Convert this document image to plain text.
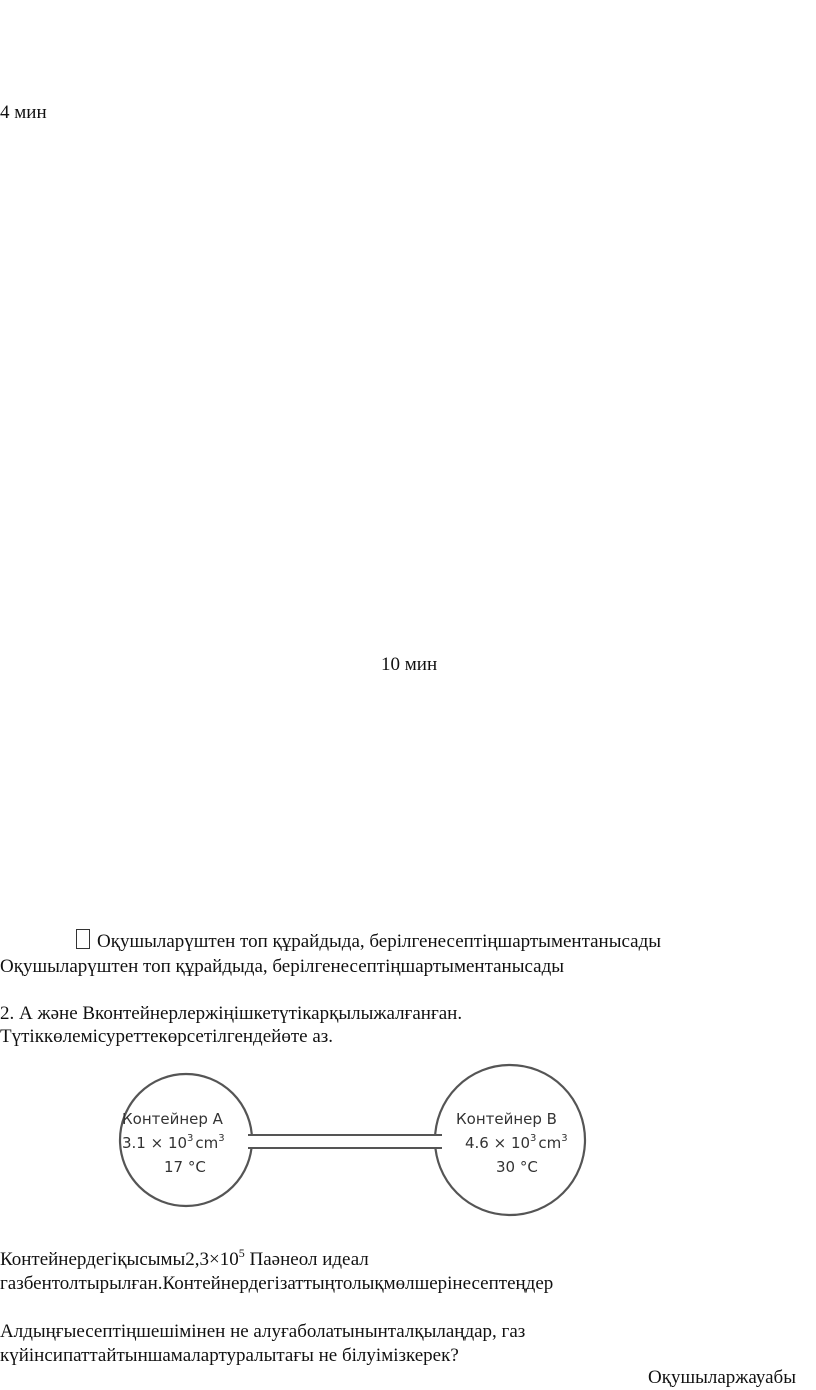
4 мин
10 мин
Оқушыларүштен топ құрайдыда, берілгенесептіңшартыментанысады
Оқушыларүштен топ құрайдыда, берілгенесептіңшартыментанысады
2. А және Вконтейнерлержіңішкетүтікарқылыжалғанған.
Түтіккөлемісуреттекөрсетілгендейөте аз.
Контейнер А
$3.1 \times 10^3$ $cm^3$
17 °C
Контейнер В
$4.6 \times 10^3$ $cm^3$
30 °C
$Контейнердегіқысымы2,3\times 10^5$ Паәнеол идеал
газбентолтырылған.Контейнердегізаттыңтолықмөлшерінесептеңдер
Алдыңғыесептіңшешімінен не алуғаболатынынталқылаңдар, газ
күйінсипаттайтыншамалартуралытағы не білуімізкерек?
Оқушыларжауабы
